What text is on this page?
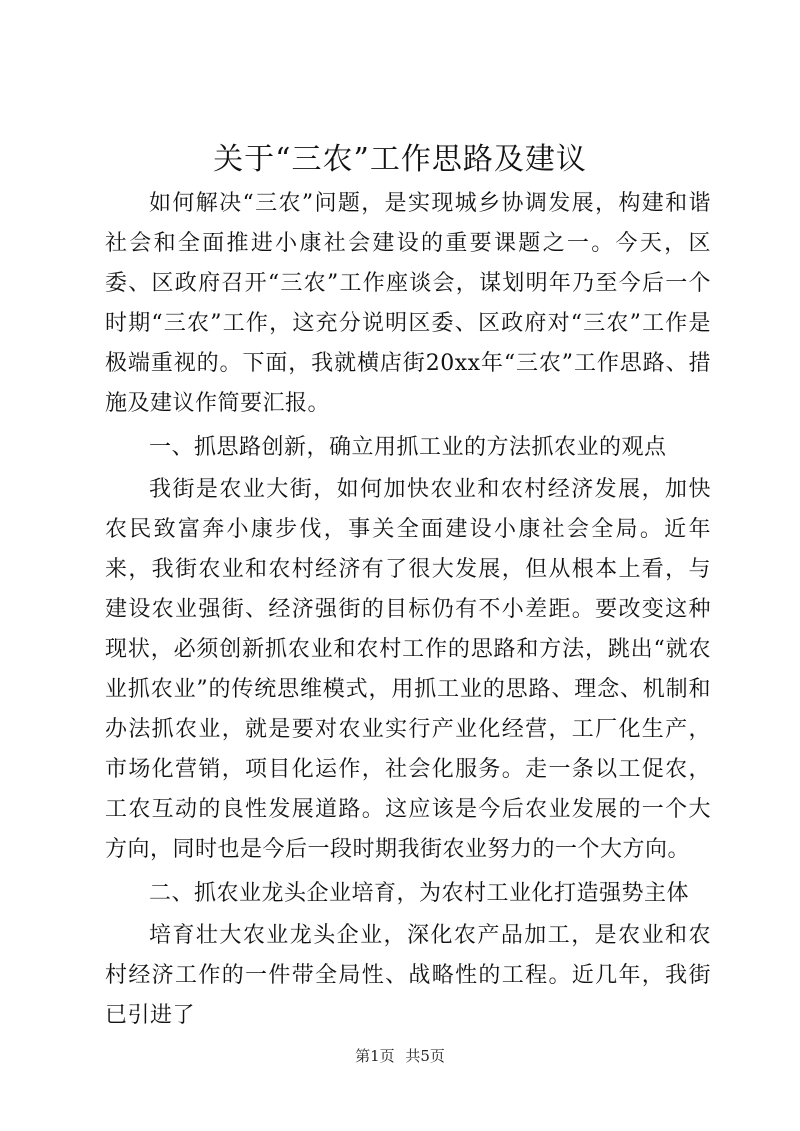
关于“三农”工作思路及建议

如何解决“三农”问题，是实现城乡协调发展，构建和谐社会和全面推进小康社会建设的重要课题之一。今天，区委、区政府召开“三农”工作座谈会，谋划明年乃至今后一个时期“三农”工作，这充分说明区委、区政府对“三农”工作是极端重视的。下面，我就横店街20xx年“三农”工作思路、措施及建议作简要汇报。

一、抓思路创新，确立用抓工业的方法抓农业的观点

我街是农业大街，如何加快农业和农村经济发展，加快农民致富奔小康步伐，事关全面建设小康社会全局。近年来，我街农业和农村经济有了很大发展，但从根本上看，与建设农业强街、经济强街的目标仍有不小差距。要改变这种现状，必须创新抓农业和农村工作的思路和方法，跳出“就农业抓农业”的传统思维模式，用抓工业的思路、理念、机制和办法抓农业，就是要对农业实行产业化经营，工厂化生产，市场化营销，项目化运作，社会化服务。走一条以工促农，工农互动的良性发展道路。这应该是今后农业发展的一个大方向，同时也是今后一段时期我街农业努力的一个大方向。

二、抓农业龙头企业培育，为农村工业化打造强势主体

培育壮大农业龙头企业，深化农产品加工，是农业和农村经济工作的一件带全局性、战略性的工程。近几年，我街已引进了

第1页 共5页
